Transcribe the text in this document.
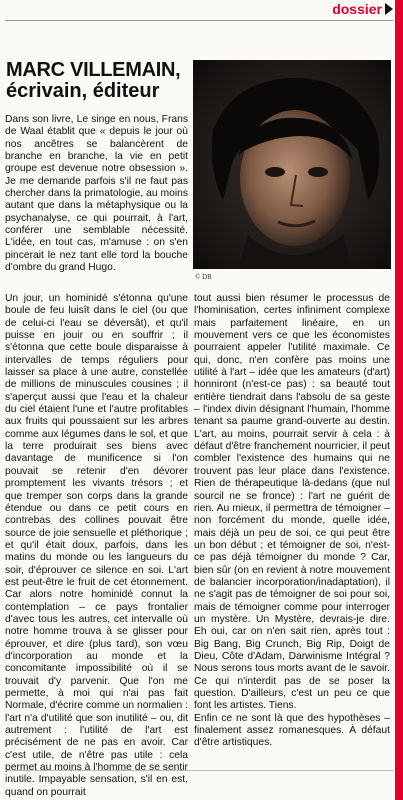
dossier
MARC VILLEMAIN,
écrivain, éditeur
© DR

Dans son livre, Le singe en nous, Frans de Waal établit que « depuis le jour où nos ancêtres se balancèrent de branche en branche, la vie en petit groupe est devenue notre obsession ». Je me demande parfois s'il ne faut pas chercher dans la primatologie, au moins autant que dans la métaphysique ou la psychanalyse, ce qui pourrait, à l'art, conférer une semblable nécessité. L'idée, en tout cas, m'amuse : on s'en pincerait le nez tant elle tord la bouche d'ombre du grand Hugo.

Un jour, un hominidé s'étonna qu'une boule de feu luisît dans le ciel (ou que de celui-ci l'eau se déversât), et qu'il puisse en jouir ou en souffrir ; il s'étonna que cette boule disparaisse à intervalles de temps réguliers pour laisser sa place à une autre, constellée de millions de minuscules cousines ; il s'aperçut aussi que l'eau et la chaleur du ciel étaient l'une et l'autre profitables aux fruits qui poussaient sur les arbres comme aux légumes dans le sol, et que la terre produirait ses biens avec davantage de munificence si l'on pouvait se retenir d'en dévorer promptement les vivants trésors ; et que tremper son corps dans la grande étendue ou dans ce petit cours en contrebas des collines pouvait être source de joie sensuelle et pléthorique ; et qu'il était doux, parfois, dans les matins du monde ou les langueurs du soir, d'éprouver ce silence en soi. L'art est peut-être le fruit de cet étonnement. Car alors notre hominidé connut la contemplation – ce pays frontalier d'avec tous les autres, cet intervalle où notre homme trouva à se glisser pour éprouver, et dire (plus tard), son vœu d'incorporation au monde et la concomitante impossibilité où il se trouvait d'y parvenir. Que l'on me permette, à moi qui n'ai pas fait Normale, d'écrire comme un normalien : l'art n'a d'utilité que son inutilité – ou, dit autrement : l'utilité de l'art est précisément de ne pas en avoir. Car c'est utile, de n'être pas utile : cela permet au moins à l'homme de se sentir inutile. Impayable sensation, s'il en est, quand on pourrait

tout aussi bien résumer le processus de l'hominisation, certes infiniment complexe mais parfaitement linéaire, en un mouvement vers ce que les économistes pourraient appeler l'utilité maximale. Ce qui, donc, n'en confère pas moins une utilité à l'art – idée que les amateurs (d'art) honniront (n'est-ce pas) : sa beauté tout entière tiendrait dans l'absolu de sa geste – l'index divin désignant l'humain, l'homme tenant sa paume grand-ouverte au destin. L'art, au moins, pourrait servir à cela : à défaut d'être franchement nourricier, il peut combler l'existence des humains qui ne trouvent pas leur place dans l'existence. Rien de thérapeutique là-dedans (que nul sourcil ne se fronce) : l'art ne guérit de rien. Au mieux, il permettra de témoigner – non forcément du monde, quelle idée, mais déjà un peu de soi, ce qui peut être un bon début ; et témoigner de soi, n'est-ce pas déjà témoigner du monde ? Car, bien sûr (on en revient à notre mouvement de balancier incorporation/inadaptation), il ne s'agit pas de témoigner de soi pour soi, mais de témoigner comme pour interroger un mystère. Un Mystère, devrais-je dire. Eh oui, car on n'en sait rien, après tout : Big Bang, Big Crunch, Big Rip, Doigt de Dieu, Côte d'Adam, Darwinisme Intégral ? Nous serons tous morts avant de le savoir. Ce qui n'interdit pas de se poser la question. D'ailleurs, c'est un peu ce que font les artistes. Tiens.
Enfin ce ne sont là que des hypothèses – finalement assez romanesques. À défaut d'être artistiques.
